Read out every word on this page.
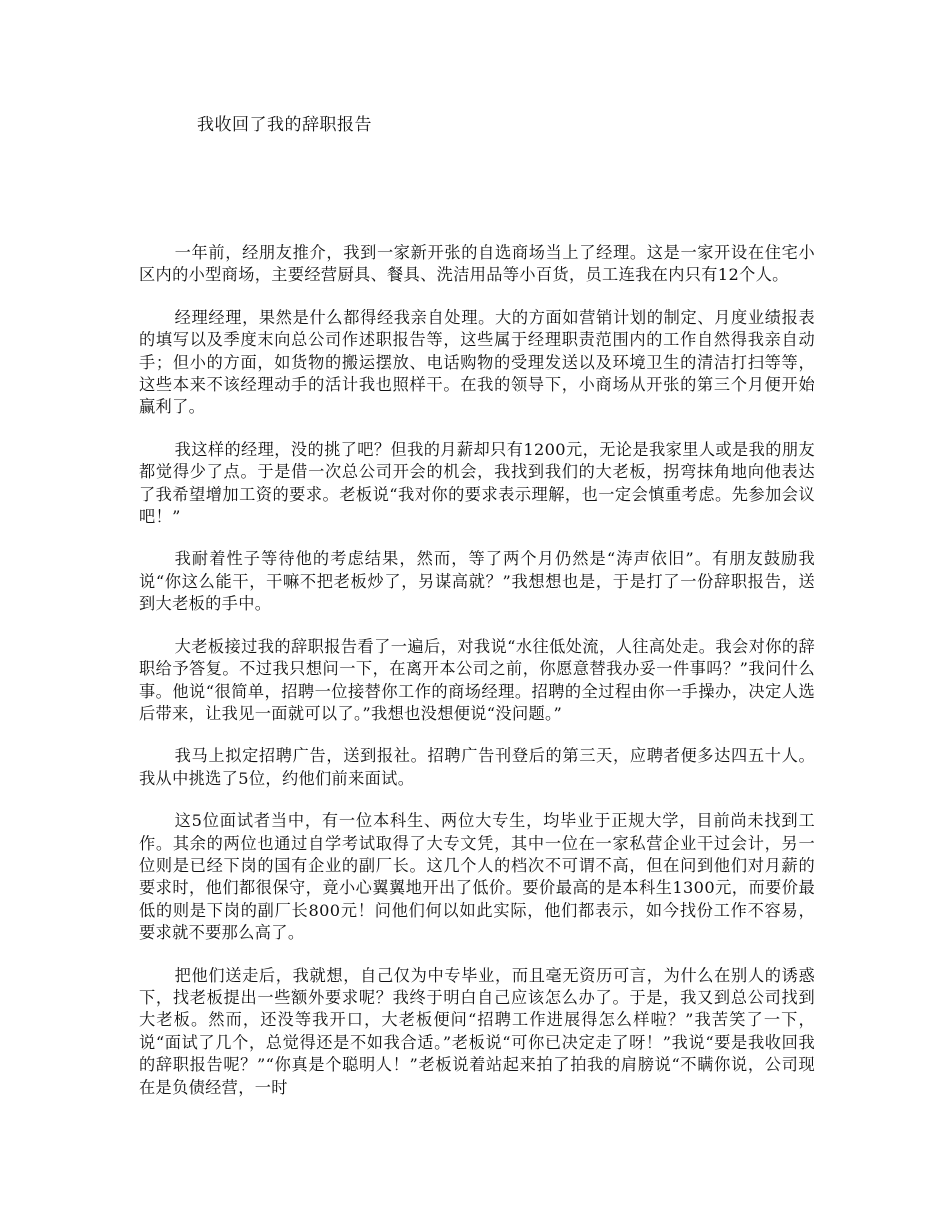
我收回了我的辞职报告

一年前，经朋友推介，我到一家新开张的自选商场当上了经理。这是一家开设在住宅小区内的小型商场，主要经营厨具、餐具、洗洁用品等小百货，员工连我在内只有12个人。

经理经理，果然是什么都得经我亲自处理。大的方面如营销计划的制定、月度业绩报表的填写以及季度末向总公司作述职报告等，这些属于经理职责范围内的工作自然得我亲自动手；但小的方面，如货物的搬运摆放、电话购物的受理发送以及环境卫生的清洁打扫等等，这些本来不该经理动手的活计我也照样干。在我的领导下，小商场从开张的第三个月便开始赢利了。

我这样的经理，没的挑了吧？但我的月薪却只有1200元，无论是我家里人或是我的朋友都觉得少了点。于是借一次总公司开会的机会，我找到我们的大老板，拐弯抹角地向他表达了我希望增加工资的要求。老板说“我对你的要求表示理解，也一定会慎重考虑。先参加会议吧！”

我耐着性子等待他的考虑结果，然而，等了两个月仍然是“涛声依旧”。有朋友鼓励我说“你这么能干，干嘛不把老板炒了，另谋高就？”我想想也是，于是打了一份辞职报告，送到大老板的手中。

大老板接过我的辞职报告看了一遍后，对我说“水往低处流，人往高处走。我会对你的辞职给予答复。不过我只想问一下，在离开本公司之前，你愿意替我办妥一件事吗？”我问什么事。他说“很简单，招聘一位接替你工作的商场经理。招聘的全过程由你一手操办，决定人选后带来，让我见一面就可以了。”我想也没想便说“没问题。”

我马上拟定招聘广告，送到报社。招聘广告刊登后的第三天，应聘者便多达四五十人。我从中挑选了5位，约他们前来面试。

这5位面试者当中，有一位本科生、两位大专生，均毕业于正规大学，目前尚未找到工作。其余的两位也通过自学考试取得了大专文凭，其中一位在一家私营企业干过会计，另一位则是已经下岗的国有企业的副厂长。这几个人的档次不可谓不高，但在问到他们对月薪的要求时，他们都很保守，竟小心翼翼地开出了低价。要价最高的是本科生1300元，而要价最低的则是下岗的副厂长800元！问他们何以如此实际，他们都表示，如今找份工作不容易，要求就不要那么高了。

把他们送走后，我就想，自己仅为中专毕业，而且毫无资历可言，为什么在别人的诱惑下，找老板提出一些额外要求呢？我终于明白自己应该怎么办了。于是，我又到总公司找到大老板。然而，还没等我开口，大老板便问“招聘工作进展得怎么样啦？”我苦笑了一下，说“面试了几个，总觉得还是不如我合适。”老板说“可你已决定走了呀！”我说“要是我收回我的辞职报告呢？”“你真是个聪明人！”老板说着站起来拍了拍我的肩膀说“不瞒你说，公司现在是负债经营，一时
